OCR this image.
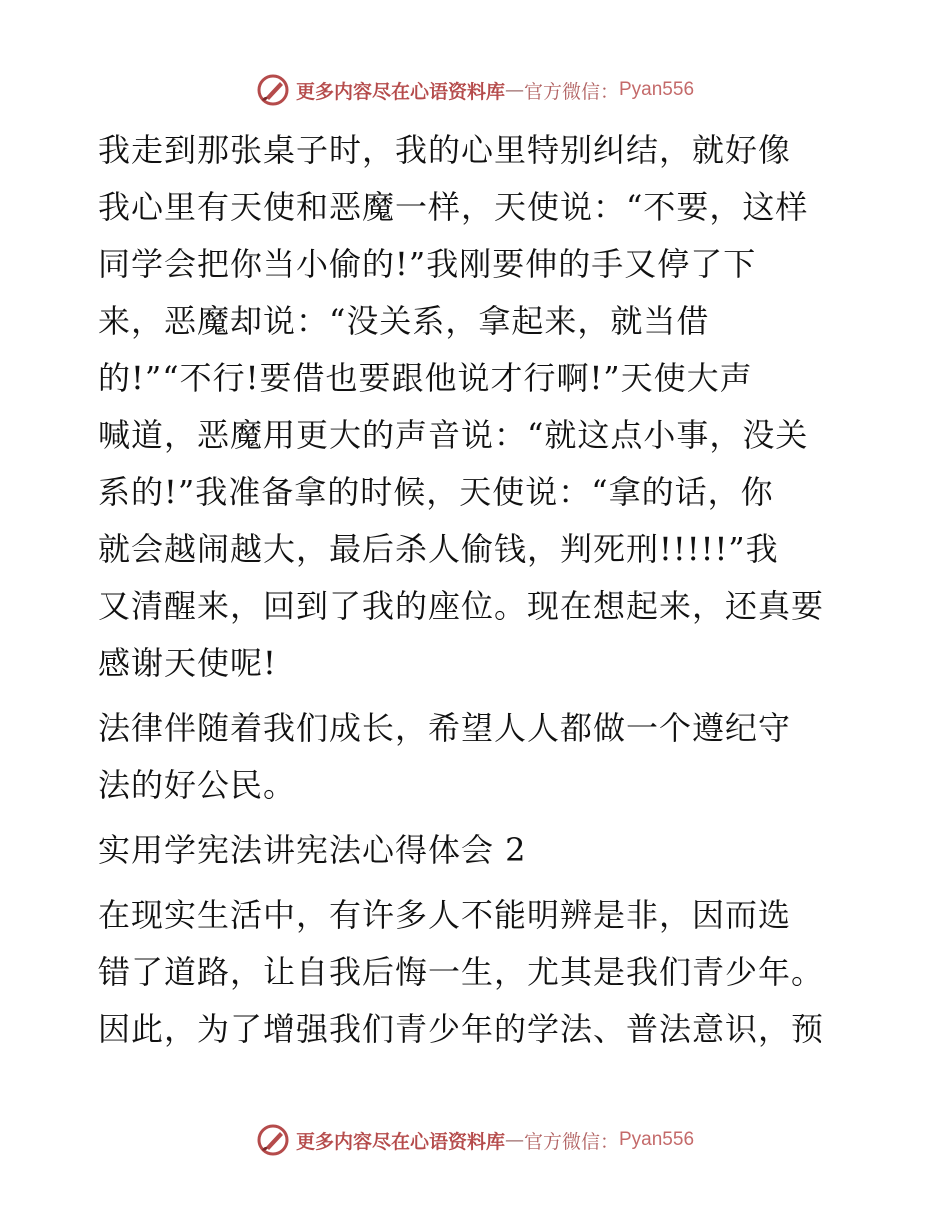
更多内容尽在心语资料库 — 官方微信： Pyan556

我走到那张桌子时，我的心里特别纠结，就好像
我心里有天使和恶魔一样，天使说：“不要，这样
同学会把你当小偷的!”我刚要伸的手又停了下
来，恶魔却说：“没关系，拿起来，就当借
的!”“不行!要借也要跟他说才行啊!”天使大声
喊道，恶魔用更大的声音说：“就这点小事，没关
系的!”我准备拿的时候，天使说：“拿的话，你
就会越闹越大，最后杀人偷钱，判死刑!!!!!”我
又清醒来，回到了我的座位。现在想起来，还真要
感谢天使呢!

法律伴随着我们成长，希望人人都做一个遵纪守
法的好公民。

实用学宪法讲宪法心得体会 2

在现实生活中，有许多人不能明辨是非，因而选
错了道路，让自我后悔一生，尤其是我们青少年。
因此，为了增强我们青少年的学法、普法意识，预

更多内容尽在心语资料库 — 官方微信： Pyan556
